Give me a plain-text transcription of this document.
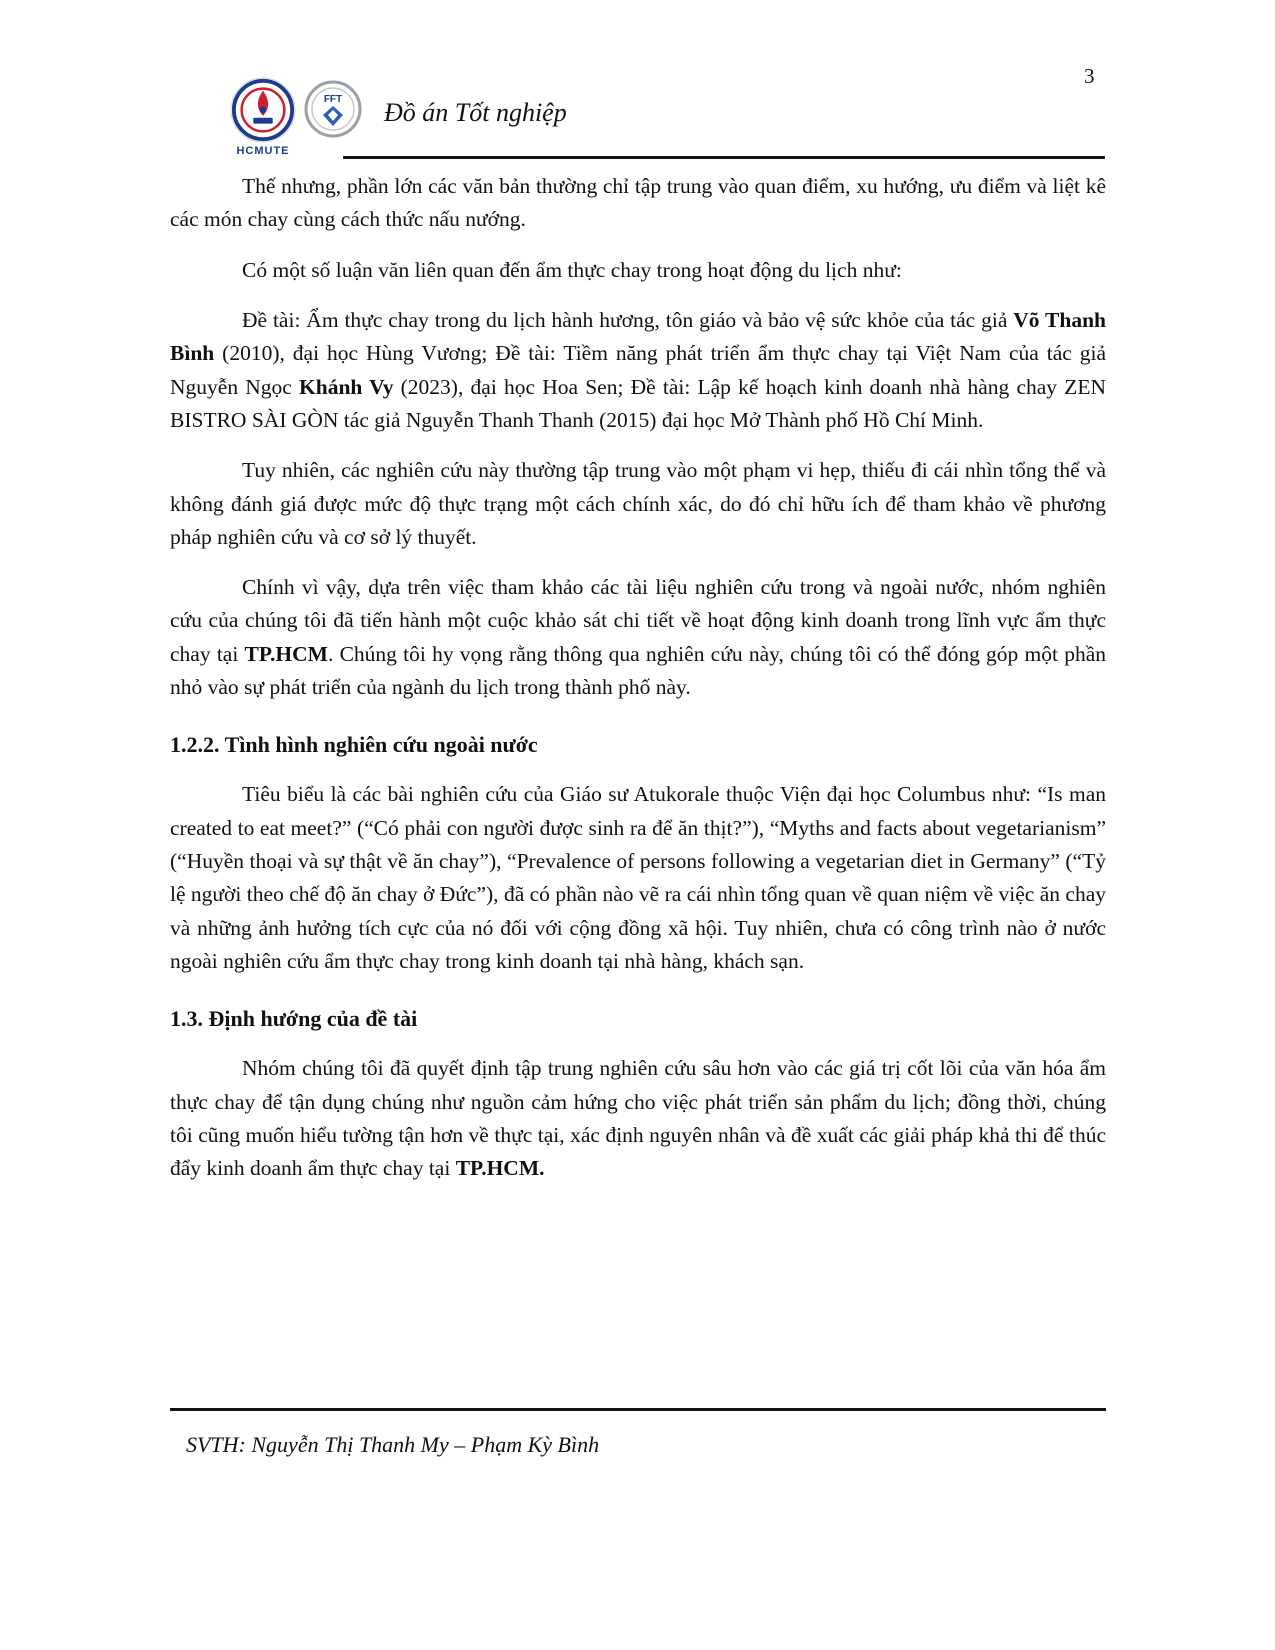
3
HCMUTE
FFT Đồ án Tốt nghiệp

Thế nhưng, phần lớn các văn bản thường chỉ tập trung vào quan điểm, xu hướng, ưu điểm và liệt kê các món chay cùng cách thức nấu nướng.

Có một số luận văn liên quan đến ẩm thực chay trong hoạt động du lịch như:

Đề tài: Ẩm thực chay trong du lịch hành hương, tôn giáo và bảo vệ sức khỏe của tác giả Võ Thanh Bình (2010), đại học Hùng Vương; Đề tài: Tiềm năng phát triển ẩm thực chay tại Việt Nam của tác giả Nguyễn Ngọc Khánh Vy (2023), đại học Hoa Sen; Đề tài: Lập kế hoạch kinh doanh nhà hàng chay ZEN BISTRO SÀI GÒN tác giả Nguyễn Thanh Thanh (2015) đại học Mở Thành phố Hồ Chí Minh.

Tuy nhiên, các nghiên cứu này thường tập trung vào một phạm vi hẹp, thiếu đi cái nhìn tổng thể và không đánh giá được mức độ thực trạng một cách chính xác, do đó chỉ hữu ích để tham khảo về phương pháp nghiên cứu và cơ sở lý thuyết.

Chính vì vậy, dựa trên việc tham khảo các tài liệu nghiên cứu trong và ngoài nước, nhóm nghiên cứu của chúng tôi đã tiến hành một cuộc khảo sát chi tiết về hoạt động kinh doanh trong lĩnh vực ẩm thực chay tại TP.HCM. Chúng tôi hy vọng rằng thông qua nghiên cứu này, chúng tôi có thể đóng góp một phần nhỏ vào sự phát triển của ngành du lịch trong thành phố này.

1.2.2. Tình hình nghiên cứu ngoài nước

Tiêu biểu là các bài nghiên cứu của Giáo sư Atukorale thuộc Viện đại học Columbus như: “Is man created to eat meet?” (“Có phải con người được sinh ra để ăn thịt?”), “Myths and facts about vegetarianism” (“Huyền thoại và sự thật về ăn chay”), “Prevalence of persons following a vegetarian diet in Germany” (“Tỷ lệ người theo chế độ ăn chay ở Đức”), đã có phần nào vẽ ra cái nhìn tổng quan về quan niệm về việc ăn chay và những ảnh hưởng tích cực của nó đối với cộng đồng xã hội. Tuy nhiên, chưa có công trình nào ở nước ngoài nghiên cứu ẩm thực chay trong kinh doanh tại nhà hàng, khách sạn.

1.3. Định hướng của đề tài

Nhóm chúng tôi đã quyết định tập trung nghiên cứu sâu hơn vào các giá trị cốt lõi của văn hóa ẩm thực chay để tận dụng chúng như nguồn cảm hứng cho việc phát triển sản phẩm du lịch; đồng thời, chúng tôi cũng muốn hiểu tường tận hơn về thực tại, xác định nguyên nhân và đề xuất các giải pháp khả thi để thúc đẩy kinh doanh ẩm thực chay tại TP.HCM.

SVTH: Nguyễn Thị Thanh My – Phạm Kỳ Bình
